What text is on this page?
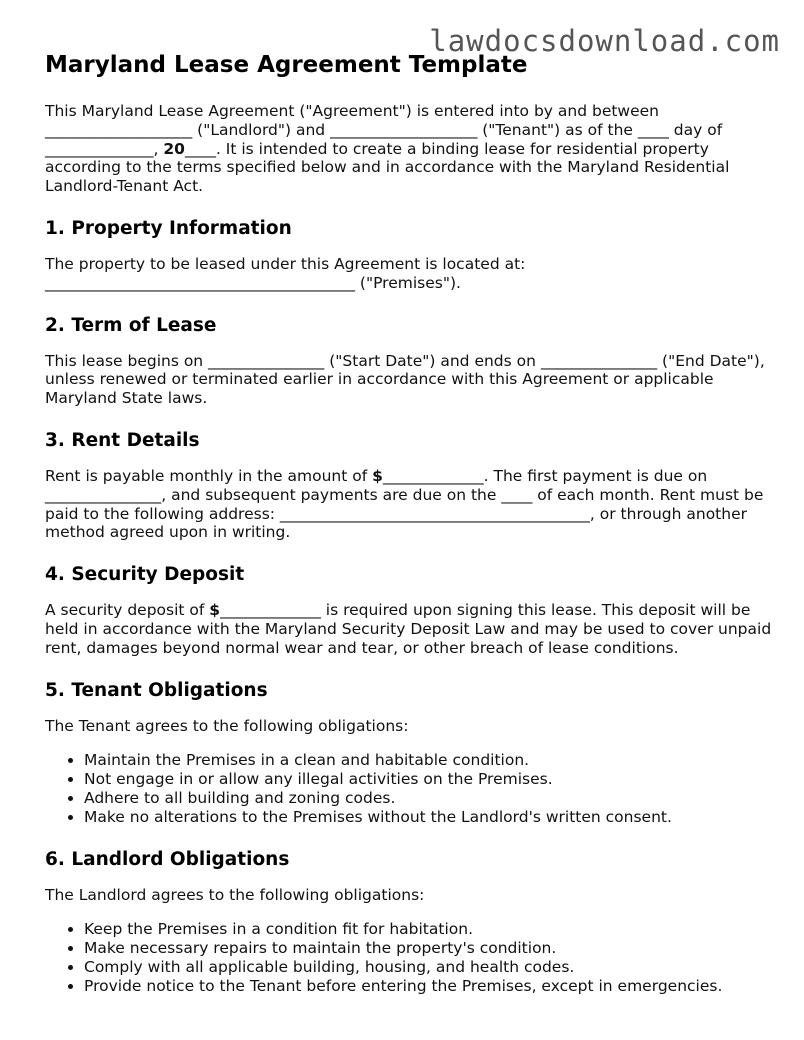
lawdocsdownload.com
Maryland Lease Agreement Template

This Maryland Lease Agreement ("Agreement") is entered into by and between ___________________ ("Landlord") and ___________________ ("Tenant") as of the ____ day of ______________, 20____. It is intended to create a binding lease for residential property according to the terms specified below and in accordance with the Maryland Residential Landlord-Tenant Act.

1. Property Information

The property to be leased under this Agreement is located at: ________________________________________ ("Premises").

2. Term of Lease

This lease begins on _______________ ("Start Date") and ends on _______________ ("End Date"), unless renewed or terminated earlier in accordance with this Agreement or applicable Maryland State laws.

3. Rent Details

Rent is payable monthly in the amount of $_____________. The first payment is due on _______________, and subsequent payments are due on the ____ of each month. Rent must be paid to the following address: ________________________________________, or through another method agreed upon in writing.

4. Security Deposit

A security deposit of $_____________ is required upon signing this lease. This deposit will be held in accordance with the Maryland Security Deposit Law and may be used to cover unpaid rent, damages beyond normal wear and tear, or other breach of lease conditions.

5. Tenant Obligations

The Tenant agrees to the following obligations:

• Maintain the Premises in a clean and habitable condition.
• Not engage in or allow any illegal activities on the Premises.
• Adhere to all building and zoning codes.
• Make no alterations to the Premises without the Landlord's written consent.
6. Landlord Obligations

The Landlord agrees to the following obligations:

• Keep the Premises in a condition fit for habitation.
• Make necessary repairs to maintain the property's condition.
• Comply with all applicable building, housing, and health codes.
• Provide notice to the Tenant before entering the Premises, except in emergencies.
